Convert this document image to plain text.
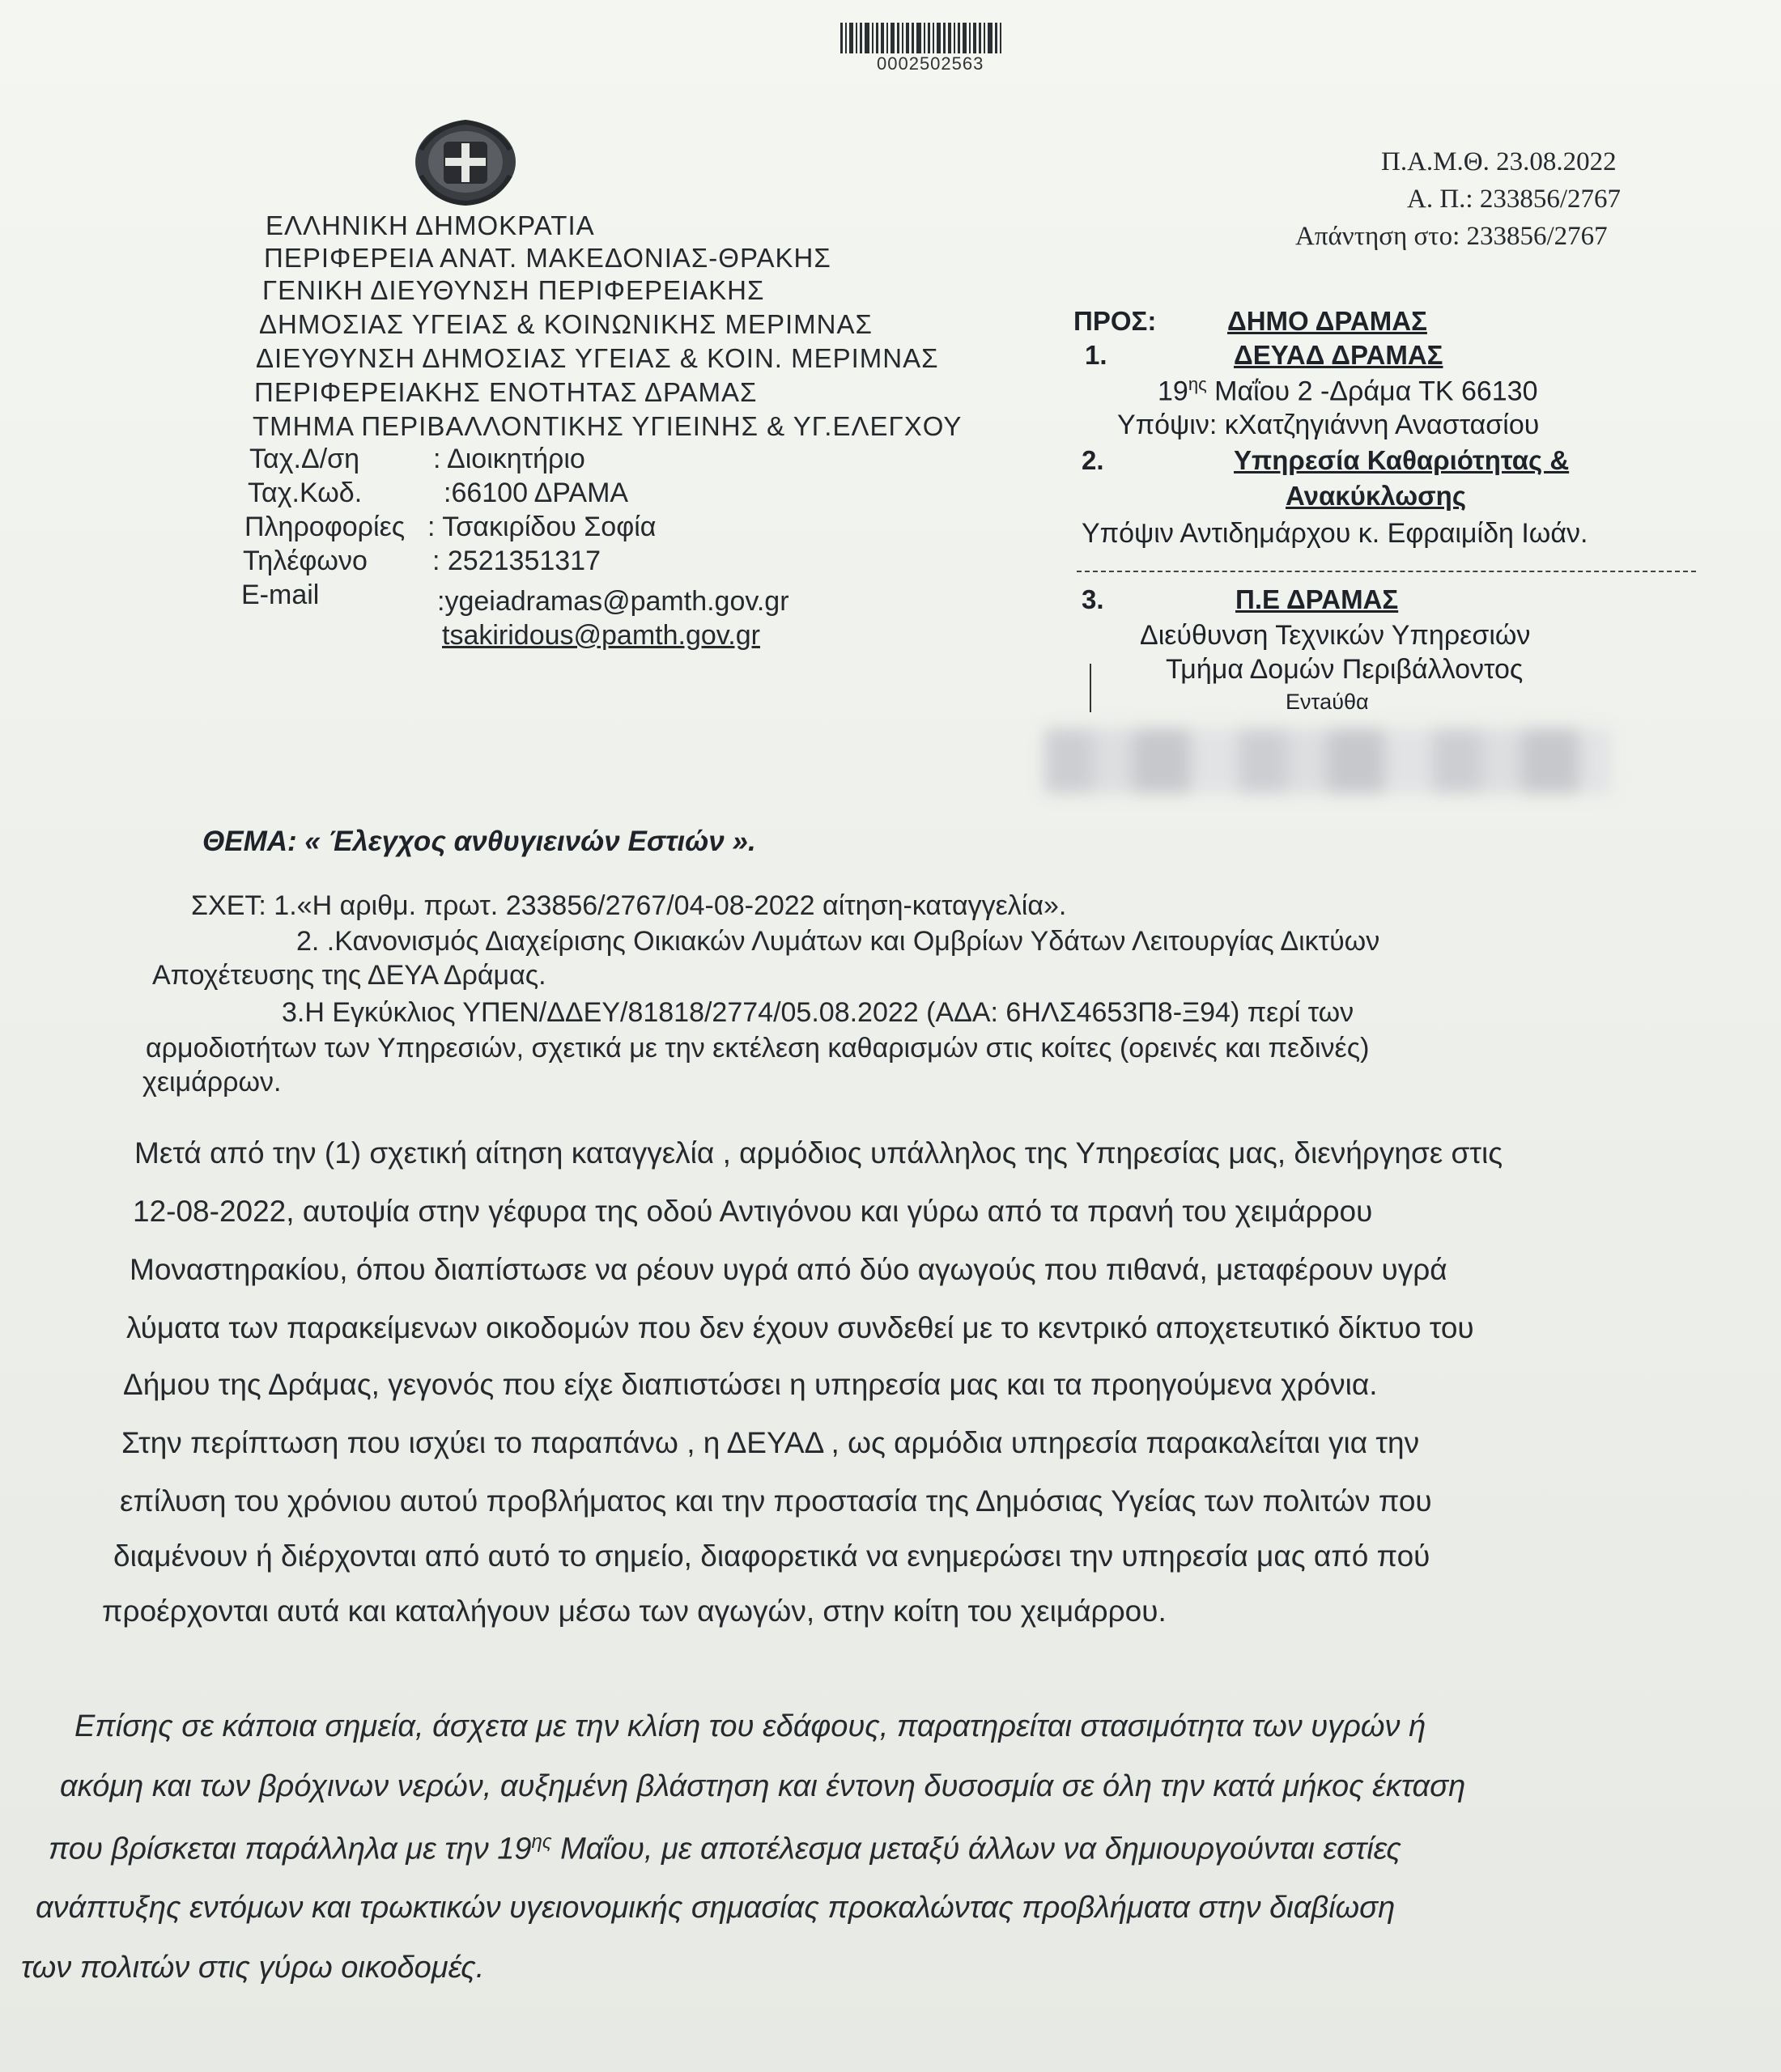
0002502563
ΕΛΛΗΝΙΚΗ ΔΗΜΟΚΡΑΤΙΑ
ΠΕΡΙΦΕΡΕΙΑ ΑΝΑΤ. ΜΑΚΕΔΟΝΙΑΣ-ΘΡΑΚΗΣ
ΓΕΝΙΚΗ ΔΙΕΥΘΥΝΣΗ ΠΕΡΙΦΕΡΕΙΑΚΗΣ
ΔΗΜΟΣΙΑΣ ΥΓΕΙΑΣ & ΚΟΙΝΩΝΙΚΗΣ ΜΕΡΙΜΝΑΣ
ΔΙΕΥΘΥΝΣΗ ΔΗΜΟΣΙΑΣ ΥΓΕΙΑΣ & ΚΟΙΝ. ΜΕΡΙΜΝΑΣ
ΠΕΡΙΦΕΡΕΙΑΚΗΣ ΕΝΟΤΗΤΑΣ ΔΡΑΜΑΣ
ΤΜΗΜΑ ΠΕΡΙΒΑΛΛΟΝΤΙΚΗΣ ΥΓΙΕΙΝΗΣ & ΥΓ.ΕΛΕΓΧΟΥ
Ταχ.Δ/ση	: Διοικητήριο
Ταχ.Κωδ.	:66100 ΔΡΑΜΑ
Πληροφορίες : Τσακιρίδου Σοφία
Τηλέφωνο : 2521351317
E-mail	:ygeiadramas@pamth.gov.gr
tsakiridous@pamth.gov.gr
Π.Α.Μ.Θ. 23.08.2022
Α. Π.: 233856/2767
Απάντηση στο: 233856/2767
ΠΡΟΣ:	ΔΗΜΟ ΔΡΑΜΑΣ
1.	ΔΕΥΑΔ ΔΡΑΜΑΣ
$19^{\eta\varsigma}$ Μαΐου 2 -Δράμα ΤΚ 66130
Υπόψιν: κΧατζηγιάννη Αναστασίου
2.	Υπηρεσία Καθαριότητας &
Ανακύκλωσης
Υπόψιν Αντιδημάρχου κ. Εφραιμίδη Ιωάν.
3.	Π.Ε ΔΡΑΜΑΣ
Διεύθυνση Τεχνικών Υπηρεσιών
Τμήμα Δομών Περιβάλλοντος
Εντaύθα
ΘΕΜΑ: « Έλεγχος ανθυγιεινών Εστιών ».
ΣΧΕΤ: 1.«Η αριθμ. πρωτ. 233856/2767/04-08-2022 αίτηση-καταγγελία».
2. .Κανονισμός Διαχείρισης Οικιακών Λυμάτων και Ομβρίων Υδάτων Λειτουργίας Δικτύων
Αποχέτευσης της ΔΕΥΑ Δράμας.
3.Η Εγκύκλιος ΥΠΕΝ/ΔΔΕΥ/81818/2774/05.08.2022 (ΑΔΑ: 6ΗΛΣ4653Π8-Ξ94) περί των
αρμοδιοτήτων των Υπηρεσιών, σχετικά με την εκτέλεση καθαρισμών στις κοίτες (ορεινές και πεδινές)
χειμάρρων.
Μετά από την (1) σχετική αίτηση καταγγελία , αρμόδιος υπάλληλος της Υπηρεσίας μας, διενήργησε στις
12-08-2022, αυτοψία στην γέφυρα της οδού Αντιγόνου και γύρω από τα πρανή του χειμάρρου
Μοναστηρακίου, όπου διαπίστωσε να ρέουν υγρά από δύο αγωγούς που πιθανά, μεταφέρουν υγρά
λύματα των παρακείμενων οικοδομών που δεν έχουν συνδεθεί με το κεντρικό αποχετευτικό δίκτυο του
Δήμου της Δράμας, γεγονός που είχε διαπιστώσει η υπηρεσία μας και τα προηγούμενα χρόνια.
Στην περίπτωση που ισχύει το παραπάνω , η ΔΕΥΑΔ , ως αρμόδια υπηρεσία παρακαλείται για την
επίλυση του χρόνιου αυτού προβλήματος και την προστασία της Δημόσιας Υγείας των πολιτών που
διαμένουν ή διέρχονται από αυτό το σημείο, διαφορετικά να ενημερώσει την υπηρεσία μας από πού
προέρχονται αυτά και καταλήγουν μέσω των αγωγών, στην κοίτη του χειμάρρου.
Επίσης σε κάποια σημεία, άσχετα με την κλίση του εδάφους, παρατηρείται στασιμότητα των υγρών ή
ακόμη και των βρόχινων νερών, αυξημένη βλάστηση και έντονη δυσοσμία σε όλη την κατά μήκος έκταση
που βρίσκεται παράλληλα με την $19^{\eta\varsigma}$ Μαΐου, με αποτέλεσμα μεταξύ άλλων να δημιουργούνται εστίες
ανάπτυξης εντόμων και τρωκτικών υγειονομικής σημασίας προκαλώντας προβλήματα στην διαβίωση
των πολιτών στις γύρω οικοδομές.
